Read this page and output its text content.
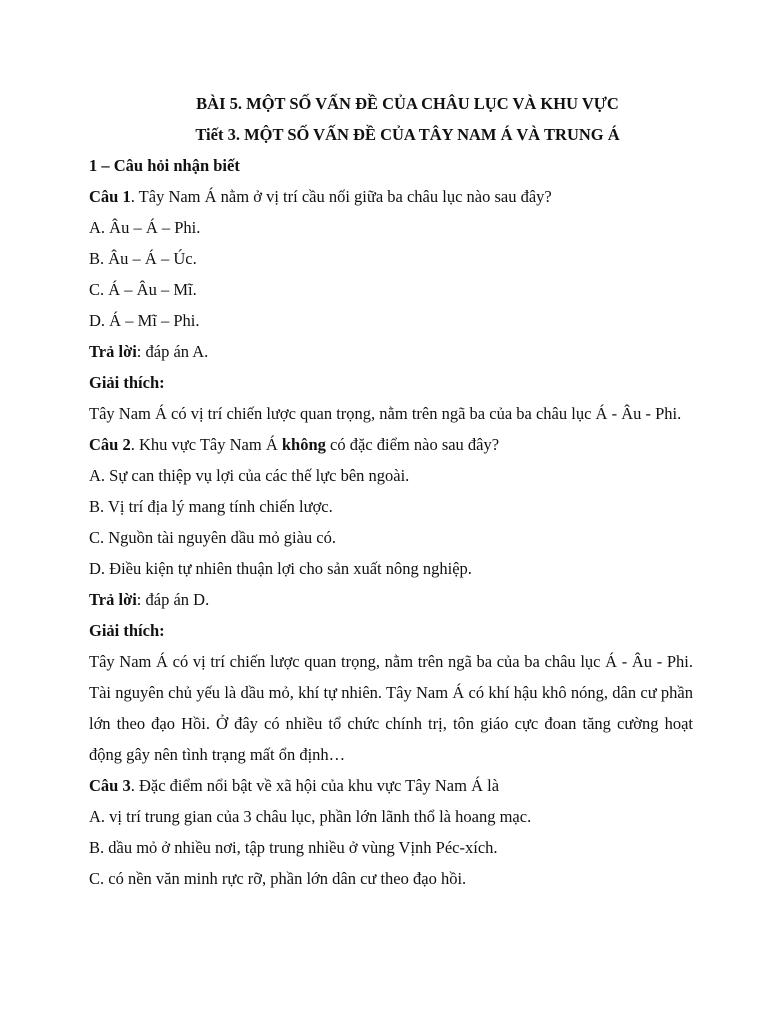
BÀI 5. MỘT SỐ VẤN ĐỀ CỦA CHÂU LỤC VÀ KHU VỰC

Tiết 3. MỘT SỐ VẤN ĐỀ CỦA TÂY NAM Á VÀ TRUNG Á

1 – Câu hỏi nhận biết

Câu 1. Tây Nam Á nằm ở vị trí cầu nối giữa ba châu lục nào sau đây?

A. Âu – Á – Phi.

B. Âu – Á – Úc.

C. Á – Âu – Mĩ.

D. Á – Mĩ – Phi.

Trả lời: đáp án A.

Giải thích:

Tây Nam Á có vị trí chiến lược quan trọng, nằm trên ngã ba của ba châu lục Á - Âu - Phi.

Câu 2. Khu vực Tây Nam Á không có đặc điểm nào sau đây?

A. Sự can thiệp vụ lợi của các thế lực bên ngoài.

B. Vị trí địa lý mang tính chiến lược.

C. Nguồn tài nguyên dầu mỏ giàu có.

D. Điều kiện tự nhiên thuận lợi cho sản xuất nông nghiệp.

Trả lời: đáp án D.

Giải thích:

Tây Nam Á có vị trí chiến lược quan trọng, nằm trên ngã ba của ba châu lục Á - Âu - Phi. Tài nguyên chủ yếu là dầu mỏ, khí tự nhiên. Tây Nam Á có khí hậu khô nóng, dân cư phần lớn theo đạo Hồi. Ở đây có nhiều tổ chức chính trị, tôn giáo cực đoan tăng cường hoạt động gây nên tình trạng mất ổn định…

Câu 3. Đặc điểm nổi bật về xã hội của khu vực Tây Nam Á là

A. vị trí trung gian của 3 châu lục, phần lớn lãnh thổ là hoang mạc.

B. dầu mỏ ở nhiều nơi, tập trung nhiều ở vùng Vịnh Péc-xích.

C. có nền văn minh rực rỡ, phần lớn dân cư theo đạo hồi.
